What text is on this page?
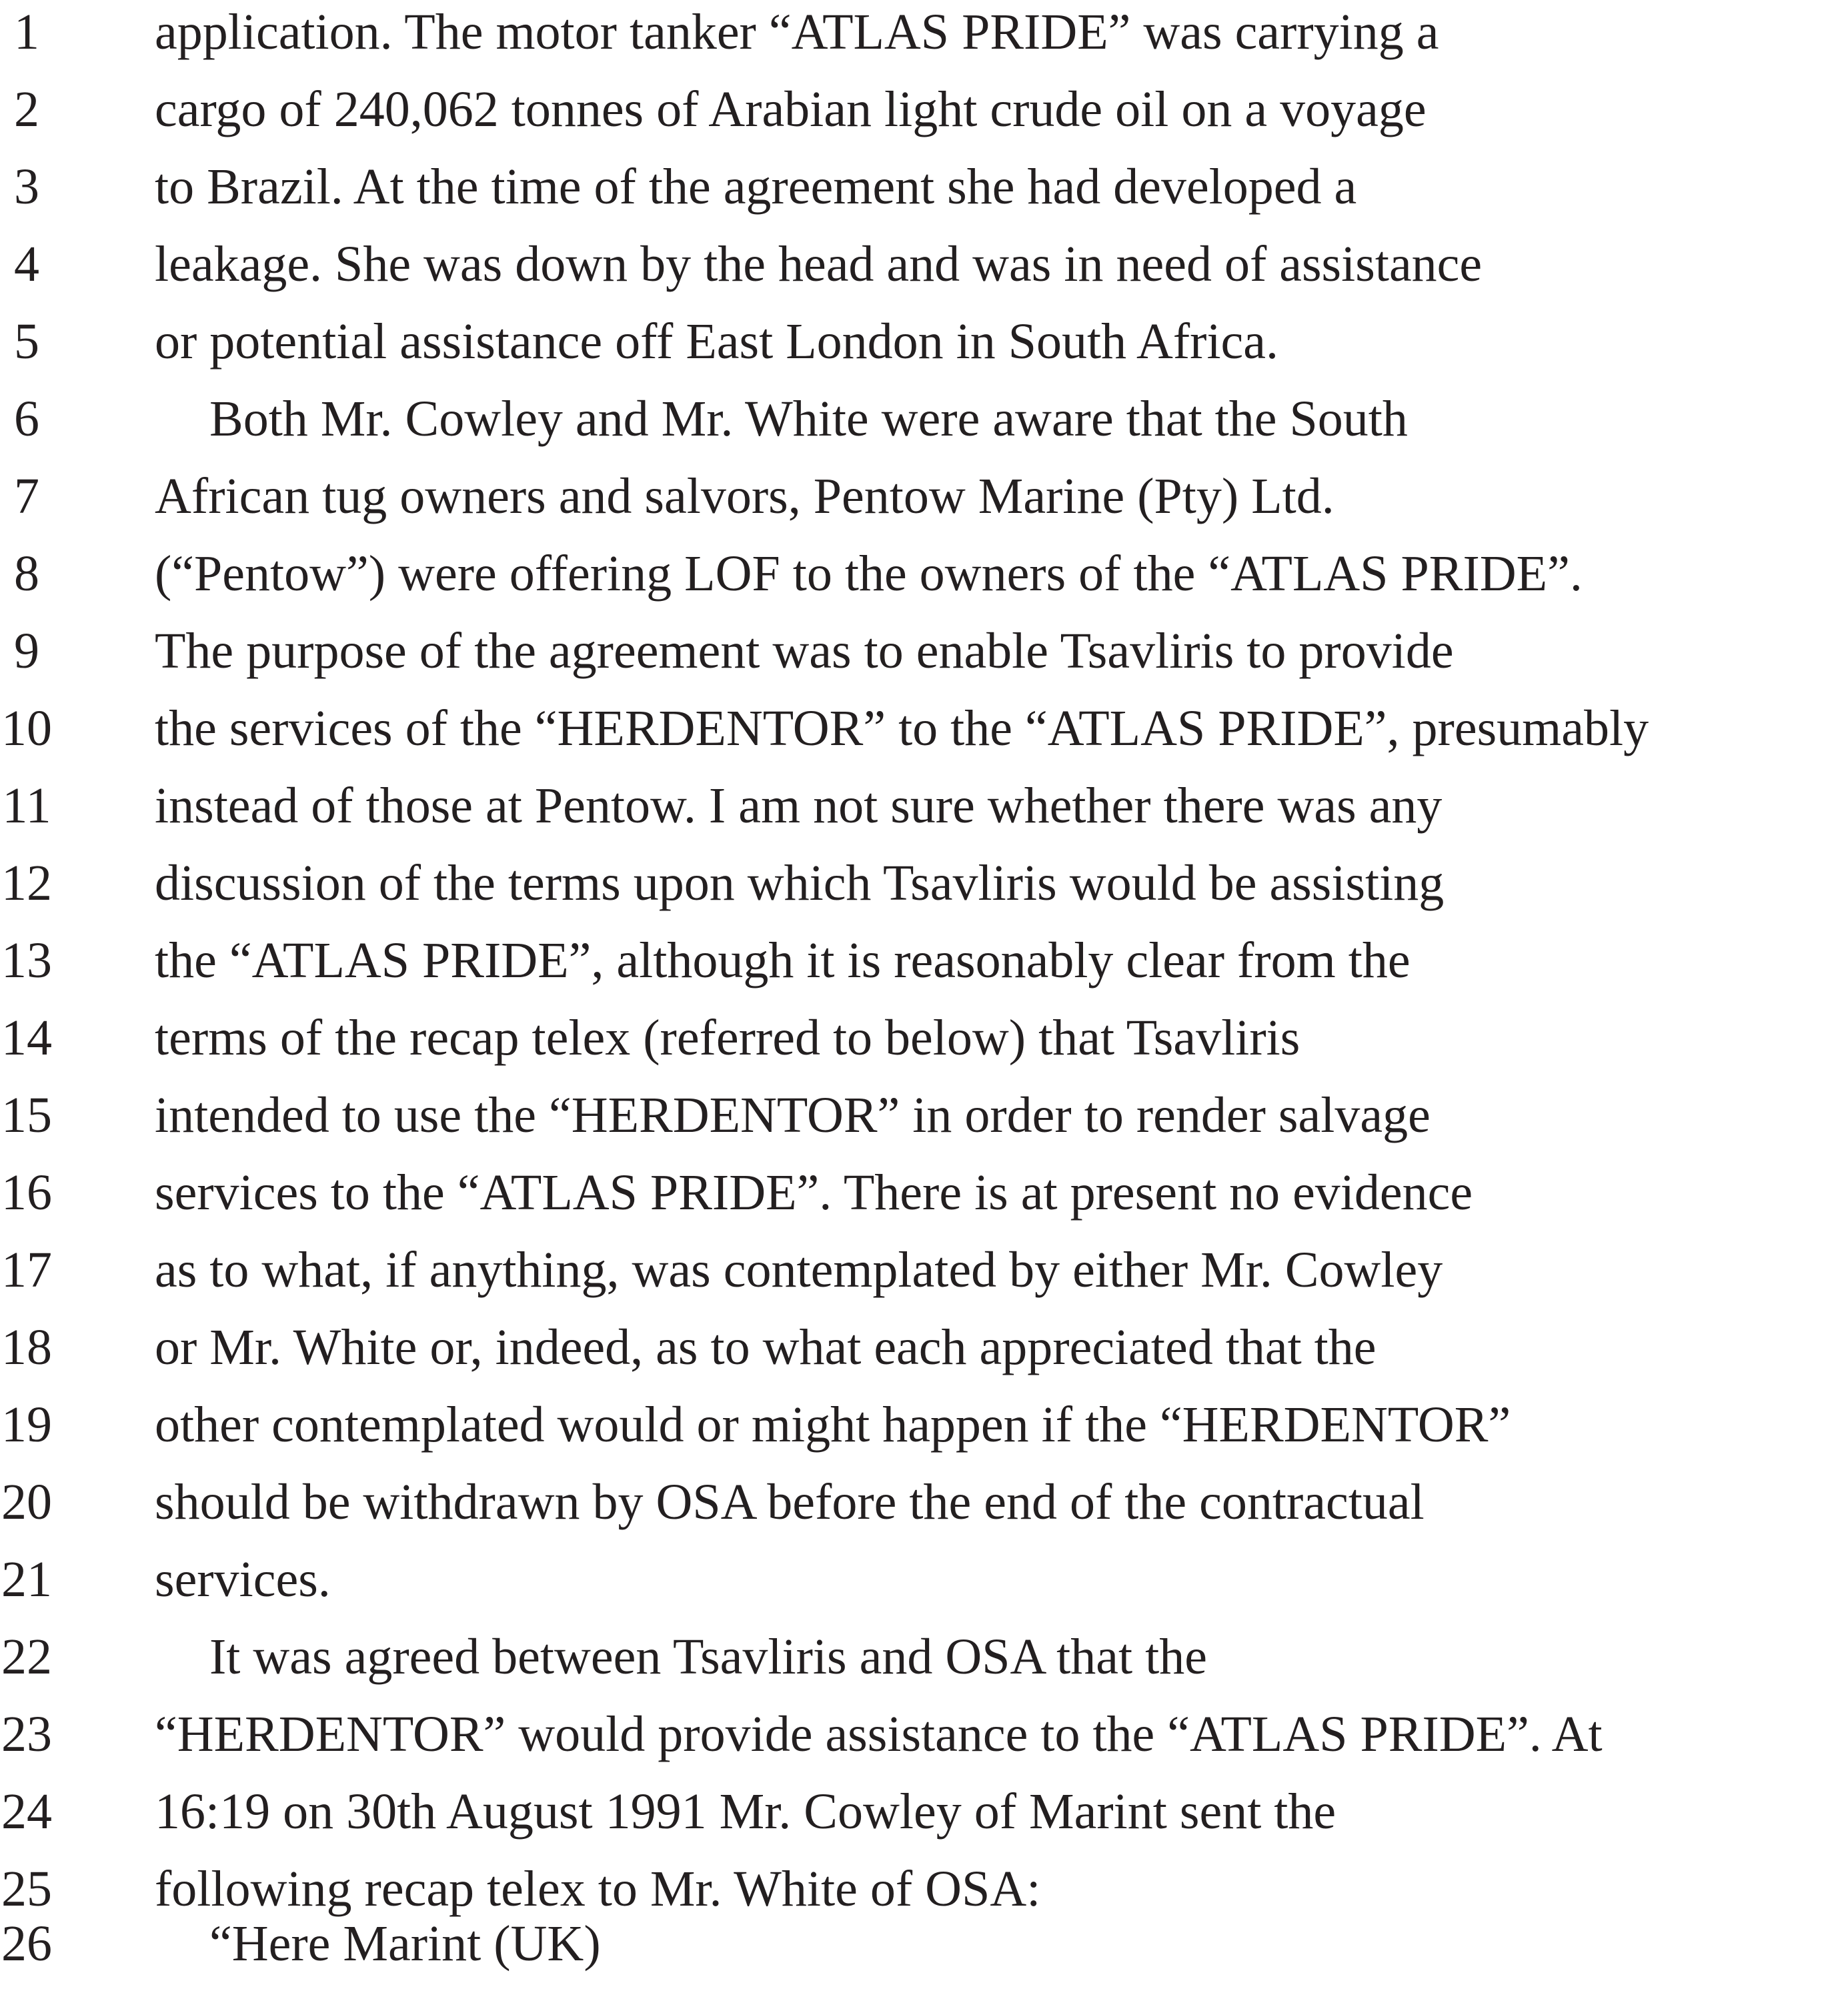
1 application. The motor tanker “ATLAS PRIDE” was carrying a
2 cargo of 240,062 tonnes of Arabian light crude oil on a voyage
3 to Brazil. At the time of the agreement she had developed a
4 leakage. She was down by the head and was in need of assistance
5 or potential assistance off East London in South Africa.
6	Both Mr. Cowley and Mr. White were aware that the South
7 African tug owners and salvors, Pentow Marine (Pty) Ltd.
8 (“Pentow”) were offering LOF to the owners of the “ATLAS PRIDE”.
9 The purpose of the agreement was to enable Tsavliris to provide
10 the services of the “HERDENTOR” to the “ATLAS PRIDE”, presumably
11 instead of those at Pentow. I am not sure whether there was any
12 discussion of the terms upon which Tsavliris would be assisting
13 the “ATLAS PRIDE”, although it is reasonably clear from the
14 terms of the recap telex (referred to below) that Tsavliris
15 intended to use the “HERDENTOR” in order to render salvage
16 services to the “ATLAS PRIDE”. There is at present no evidence
17 as to what, if anything, was contemplated by either Mr. Cowley
18 or Mr. White or, indeed, as to what each appreciated that the
19 other contemplated would or might happen if the “HERDENTOR”
20 should be withdrawn by OSA before the end of the contractual
21 services.
22	It was agreed between Tsavliris and OSA that the
23 “HERDENTOR” would provide assistance to the “ATLAS PRIDE”. At
24 16:19 on 30th August 1991 Mr. Cowley of Marint sent the
25 following recap telex to Mr. White of OSA:
26	“Here Marint (UK)
